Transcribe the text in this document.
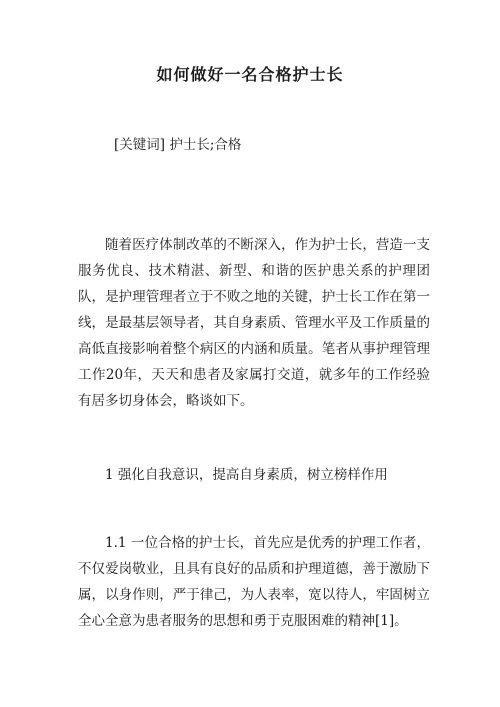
如何做好一名合格护士长
[关键词] 护士长;合格

随着医疗体制改革的不断深入，作为护士长，营造一支服务优良、技术精湛、新型、和谐的医护患关系的护理团队，是护理管理者立于不败之地的关键，护士长工作在第一线，是最基层领导者，其自身素质、管理水平及工作质量的高低直接影响着整个病区的内涵和质量。笔者从事护理管理工作20年，天天和患者及家属打交道，就多年的工作经验有居多切身体会，略谈如下。

1 强化自我意识，提高自身素质，树立榜样作用

1.1 一位合格的护士长，首先应是优秀的护理工作者，不仅爱岗敬业，且具有良好的品质和护理道德，善于激励下属，以身作则，严于律己，为人表率，宽以待人，牢固树立全心全意为患者服务的思想和勇于克服困难的精神[1]。
